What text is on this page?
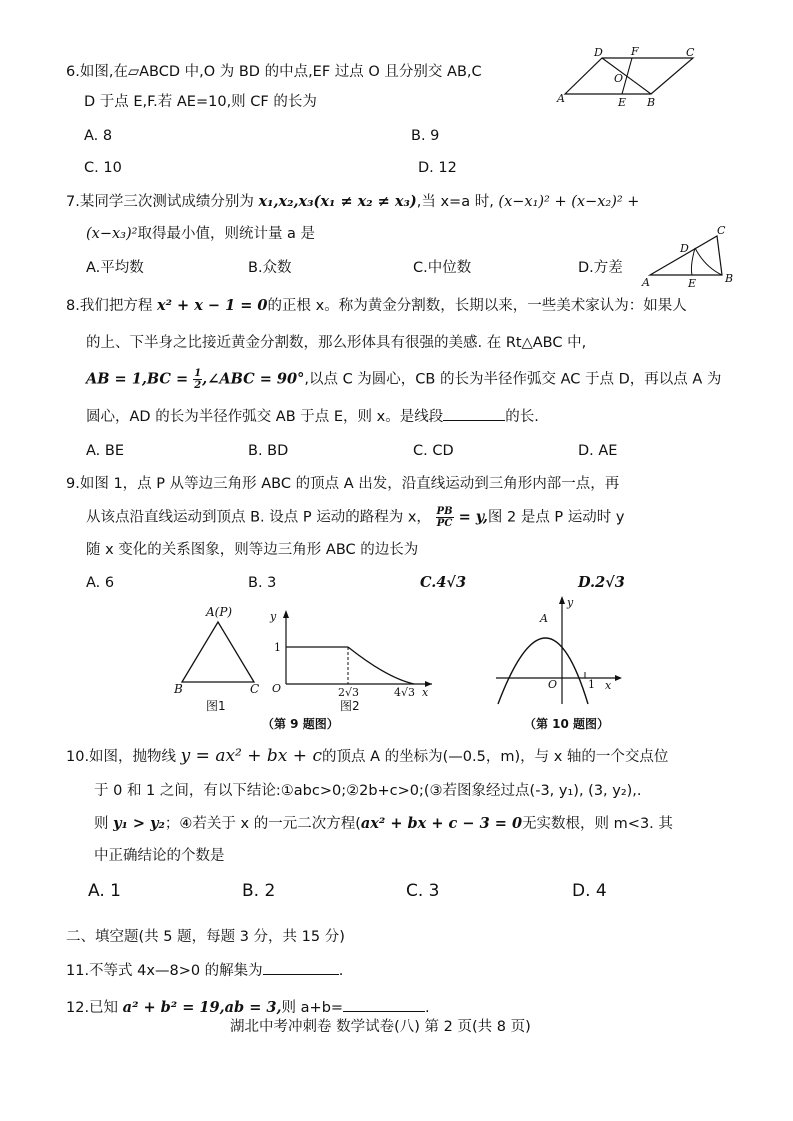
6.如图,在▱ABCD 中,O 为 BD 的中点,EF 过点 O 且分别交 AB,C
D 于点 E,F.若 AE=10,则 CF 的长为
A. 8	B. 9
C. 10	D. 12
D	F	C
O
A	E B
7.某同学三次测试成绩分别为 x₁,x₂,x₃(x₁ ≠ x₂ ≠ x₃),当 x=a 时, (x−x₁)² + (x−x₂)² +
(x−x₃)²取得最小值，则统计量 a 是
A.平均数	B.众数	C.中位数	D.方差
C
D
A	E	B
8.我们把方程 x² + x − 1 = 0的正根 x。称为黄金分割数，长期以来，一些美术家认为：如果人
的上、下半身之比接近黄金分割数，那么形体具有很强的美感. 在 Rt△ABC 中,
AB = $1,BC = \frac{1}{2}$ ,∠ABC = 90°,以点 C 为圆心，CB 的长为半径作弧交 AC 于点 D，再以点 A 为
圆心，AD 的长为半径作弧交 AB 于点 E，则 x。是线段	的长.
A. BE	B. BD	C. CD	D. AE
9.如图 1，点 P 从等边三角形 ABC 的顶点 A 出发，沿直线运动到三角形内部一点，再
从该点沿直线运动到顶点 B. 设点 P 运动的路程为 x， $\frac{PB}{PC} = y$,图 2 是点 P 运动时 y
随 x 变化的关系图象，则等边三角形 ABC 的边长为
A. 6	B. 3	C.4√3	D.2√3
A(P)
B	C
图1
y
1
O	2√3	4√3 x
图2
（第 9 题图）
y
A
O	1 x
（第 10 题图）
10.如图，抛物线 y = ax² + bx + c的顶点 A 的坐标为(—0.5，m)，与 x 轴的一个交点位
于 0 和 1 之间，有以下结论:①abc>0;②2b+c>0;(③若图象经过点(-3, y₁), (3, y₂),.
则 y₁ > y₂；④若关于 x 的一元二次方程(ax² + bx + c − 3 = 0无实数根，则 m<3. 其
中正确结论的个数是
A. 1	B. 2	C. 3	D. 4
二、填空题(共 5 题，每题 3 分，共 15 分)
11.不等式 4x—8>0 的解集为	.
12.已知 a² + b² = 19,ab = 3,则 a+b=	.
湖北中考冲刺卷 数学试卷(八) 第 2 页(共 8 页)
